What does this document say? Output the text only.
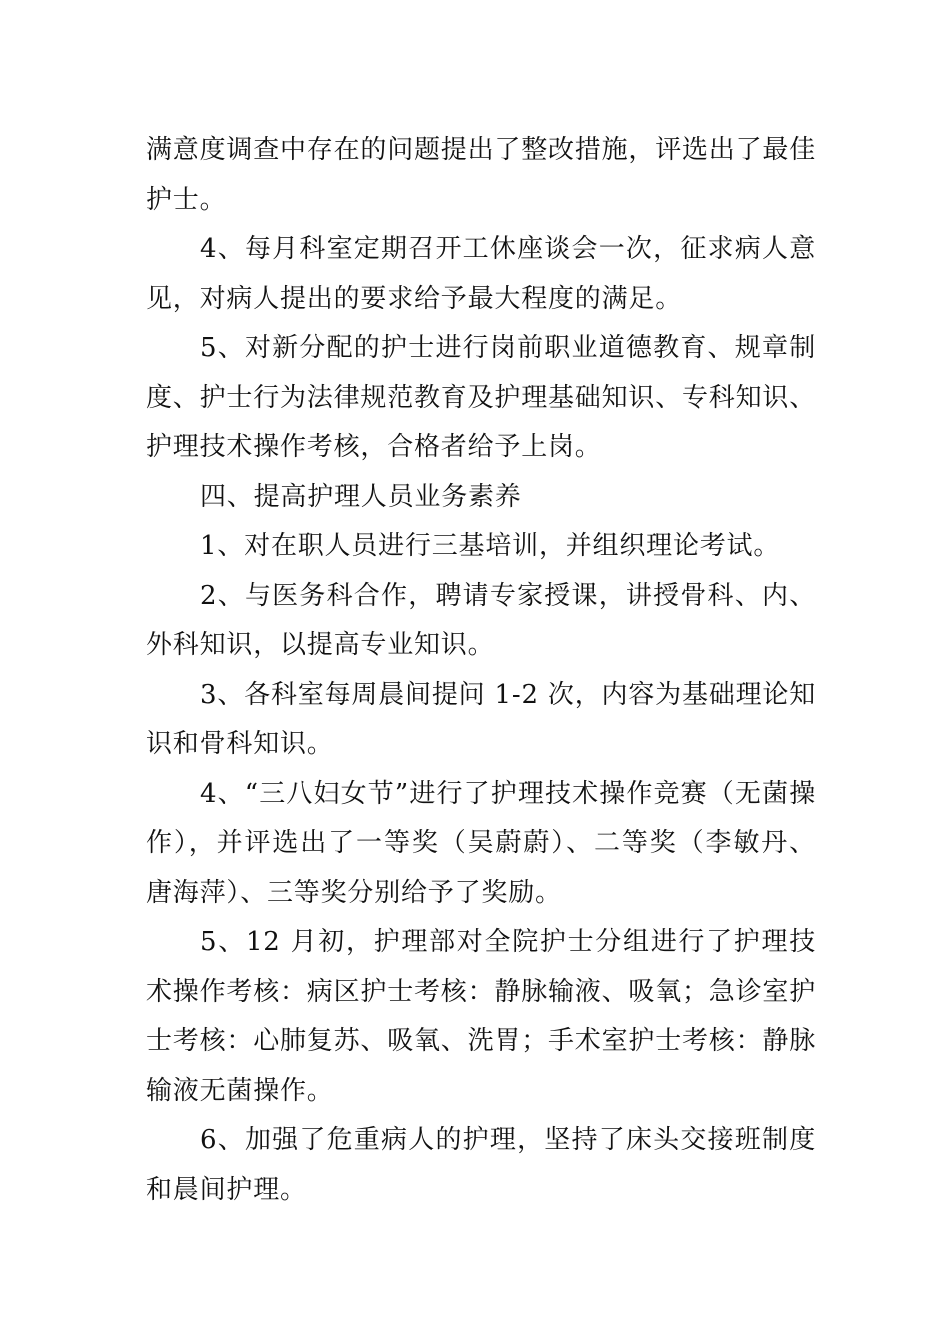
满意度调查中存在的问题提出了整改措施，评选出了最佳护士。

4、每月科室定期召开工休座谈会一次，征求病人意见，对病人提出的要求给予最大程度的满足。

5、对新分配的护士进行岗前职业道德教育、规章制度、护士行为法律规范教育及护理基础知识、专科知识、护理技术操作考核，合格者给予上岗。

四、提高护理人员业务素养

1、对在职人员进行三基培训，并组织理论考试。

2、与医务科合作，聘请专家授课，讲授骨科、内、外科知识，以提高专业知识。

3、各科室每周晨间提问 1-2 次，内容为基础理论知识和骨科知识。

4、“三八妇女节”进行了护理技术操作竞赛（无菌操作），并评选出了一等奖（吴蔚蔚）、二等奖（李敏丹、唐海萍）、三等奖分别给予了奖励。

5、12 月初，护理部对全院护士分组进行了护理技术操作考核：病区护士考核：静脉输液、吸氧；急诊室护士考核：心肺复苏、吸氧、洗胃；手术室护士考核：静脉输液无菌操作。

6、加强了危重病人的护理，坚持了床头交接班制度和晨间护理。
